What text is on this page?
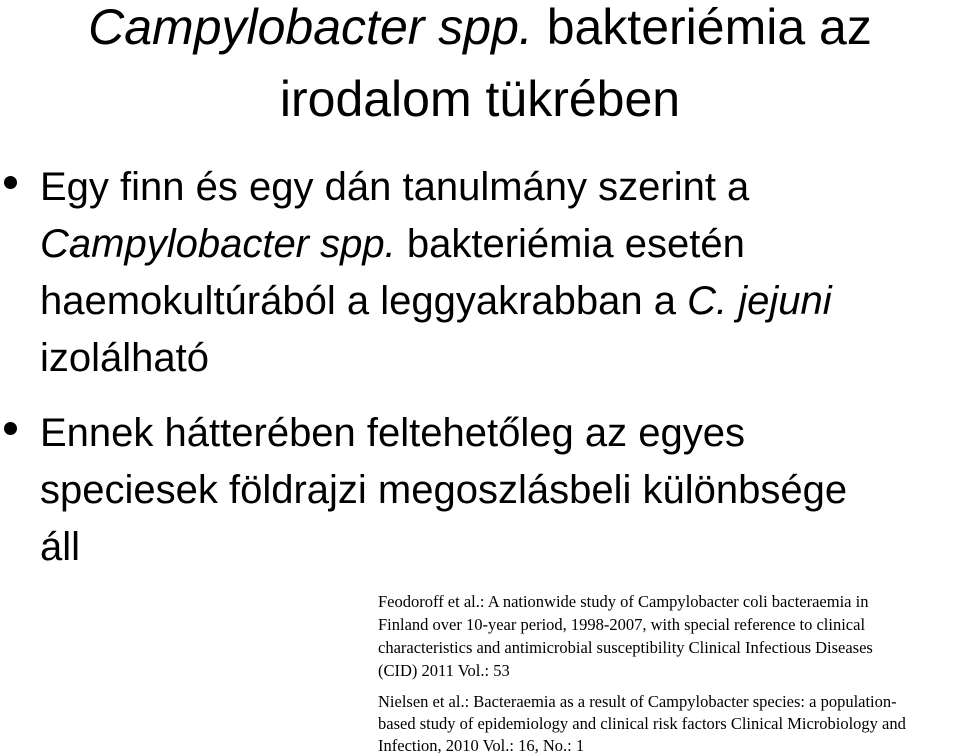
Campylobacter spp. bakteriémia az
irodalom tükrében
Egy finn és egy dán tanulmány szerint a
Campylobacter spp. bakteriémia esetén
haemokultúrából a leggyakrabban a C. jejuni
izolálható
Ennek hátterében feltehetőleg az egyes
speciesek földrajzi megoszlásbeli különbsége
áll
Feodoroff et al.: A nationwide study of Campylobacter coli bacteraemia in
Finland over 10-year period, 1998-2007, with special reference to clinical
characteristics and antimicrobial susceptibility Clinical Infectious Diseases
(CID) 2011 Vol.: 53
Nielsen et al.: Bacteraemia as a result of Campylobacter species: a population-
based study of epidemiology and clinical risk factors Clinical Microbiology and
Infection, 2010 Vol.: 16, No.: 1
